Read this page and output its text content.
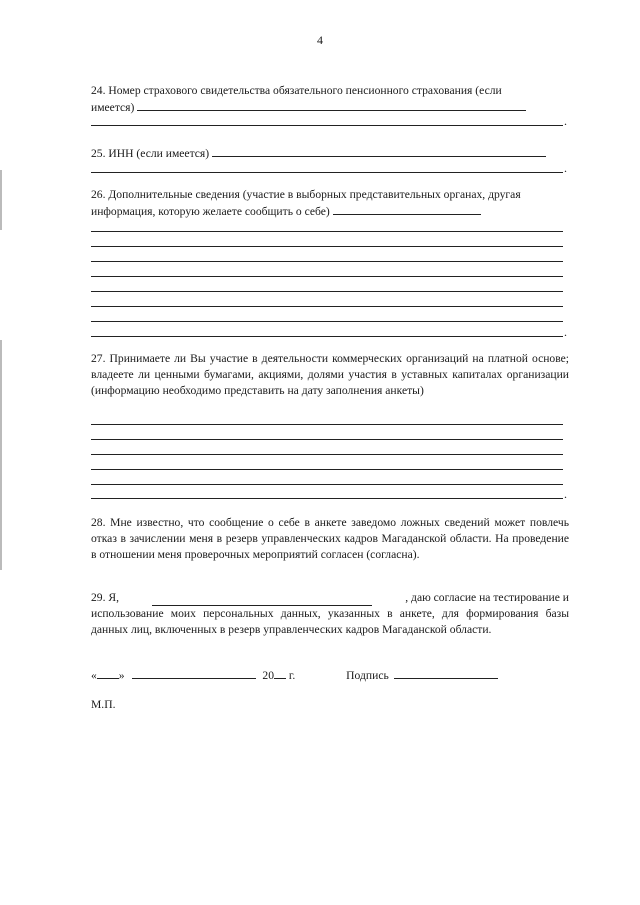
4
24. Номер страхового свидетельства обязательного пенсионного страхования (если
имеется)
.
25. ИНН (если имеется)
.
26. Дополнительные сведения (участие в выборных представительных органах, другая
информация, которую желаете сообщить о себе)
.
27. Принимаете ли Вы участие в деятельности коммерческих организаций на платной основе; владеете ли ценными бумагами, акциями, долями участия в уставных капиталах организации (информацию необходимо представить на дату заполнения анкеты)
.
28. Мне известно, что сообщение о себе в анкете заведомо ложных сведений может повлечь отказ в зачислении меня в резерв управленческих кадров Магаданской области. На проведение в отношении меня проверочных мероприятий согласен (согласна).
29. Я,	, даю согласие на тестирование и
использование моих персональных данных, указанных в анкете, для формирования базы данных лиц, включенных в резерв управленческих кадров Магаданской области.
« »	20 г.	Подпись
М.П.
